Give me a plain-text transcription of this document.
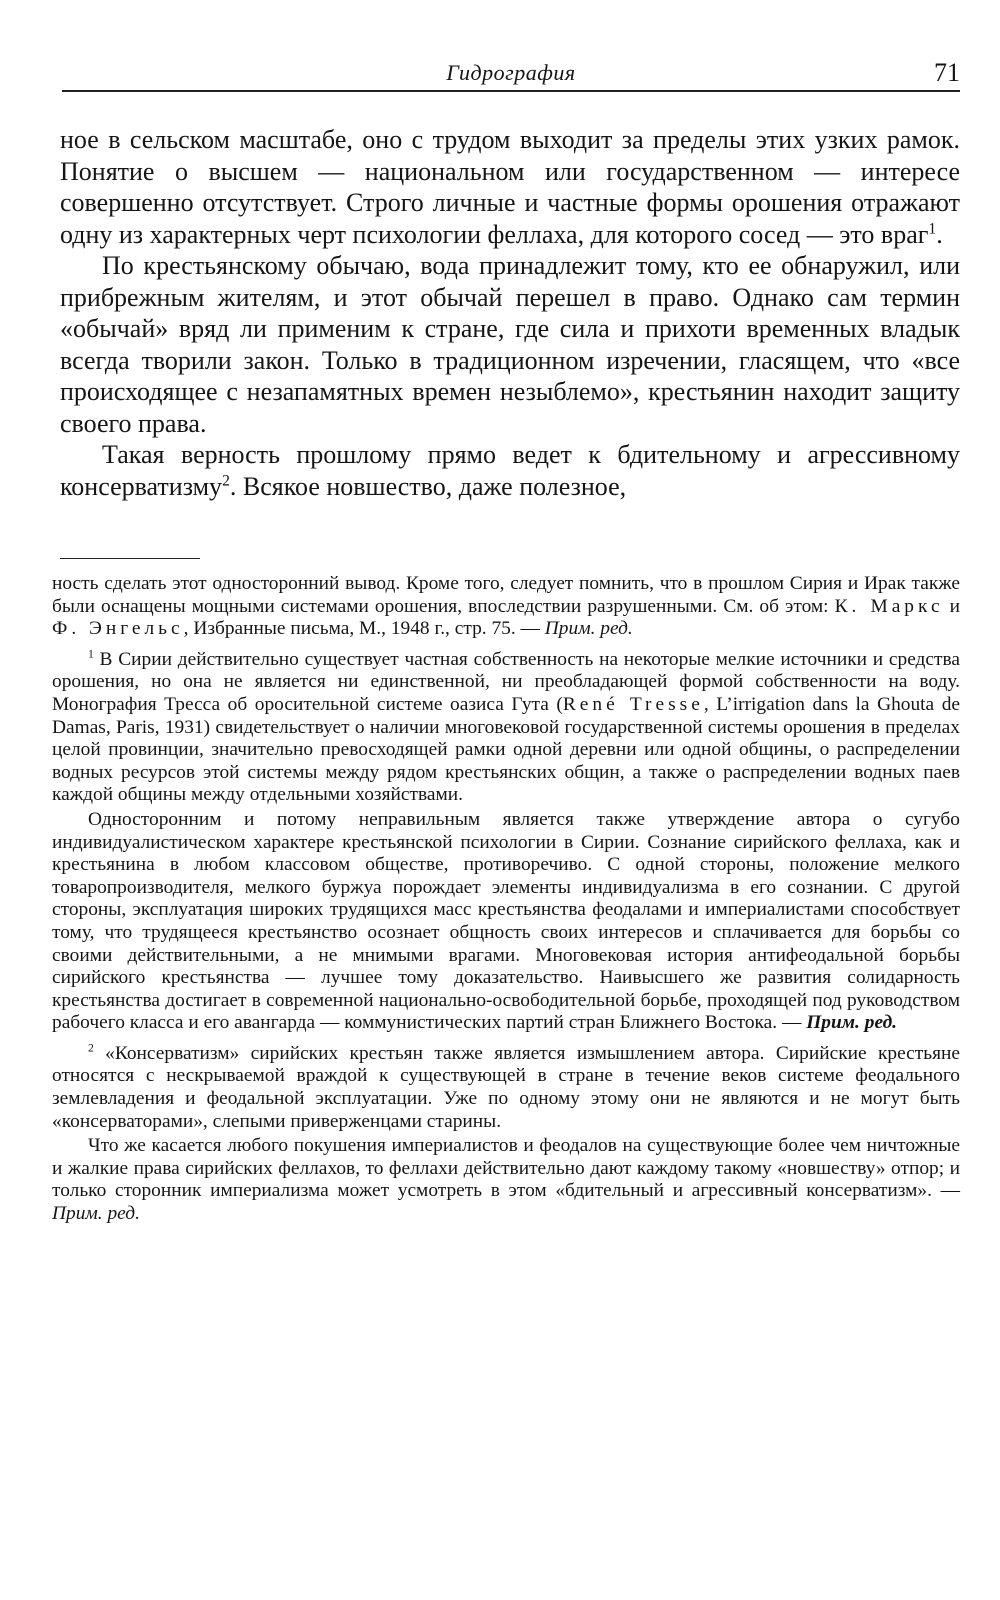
Гидрография	71

ное в сельском масштабе, оно с трудом выходит за пределы этих узких рамок. Понятие о высшем — национальном или государственном — интересе совершенно отсутствует. Строго личные и частные формы орошения отражают одну из характерных черт психологии феллаха, для которого сосед — это враг$^1$.

По крестьянскому обычаю, вода принадлежит тому, кто ее обнаружил, или прибрежным жителям, и этот обычай перешел в право. Однако сам термин «обычай» вряд ли применим к стране, где сила и прихоти временных владык всегда творили закон. Только в традиционном изречении, гласящем, что «все происходящее с незапамятных времен незыблемо», крестьянин находит защиту своего права.

Такая верность прошлому прямо ведет к бдительному и агрессивному консерватизму$^2$. Всякое новшество, даже полезное,

ность сделать этот односторонний вывод. Кроме того, следует помнить, что в прошлом Сирия и Ирак также были оснащены мощными системами орошения, впоследствии разрушенными. См. об этом: К. Маркс и Ф. Энгельс, Избранные письма, М., 1948 г., стр. 75. — Прим. ред.

$^1$ В Сирии действительно существует частная собственность на некоторые мелкие источники и средства орошения, но она не является ни единственной, ни преобладающей формой собственности на воду. Монография Тресса об оросительной системе оазиса Гута (René Tresse, L’irrigation dans la Ghouta de Damas, Paris, 1931) свидетельствует о наличии многовековой государственной системы орошения в пределах целой провинции, значительно превосходящей рамки одной деревни или одной общины, о распределении водных ресурсов этой системы между рядом крестьянских общин, а также о распределении водных паев каждой общины между отдельными хозяйствами.

Односторонним и потому неправильным является также утверждение автора о сугубо индивидуалистическом характере крестьянской психологии в Сирии. Сознание сирийского феллаха, как и крестьянина в любом классовом обществе, противоречиво. С одной стороны, положение мелкого товаропроизводителя, мелкого буржуа порождает элементы индивидуализма в его сознании. С другой стороны, эксплуатация широких трудящихся масс крестьянства феодалами и империалистами способствует тому, что трудящееся крестьянство осознает общность своих интересов и сплачивается для борьбы со своими действительными, а не мнимыми врагами. Многовековая история антифеодальной борьбы сирийского крестьянства — лучшее тому доказательство. Наивысшего же развития солидарность крестьянства достигает в современной национально-освободительной борьбе, проходящей под руководством рабочего класса и его авангарда — коммунистических партий стран Ближнего Востока. — Прим. ред.

$^2$ «Консерватизм» сирийских крестьян также является измышлением автора. Сирийские крестьяне относятся с нескрываемой враждой к существующей в стране в течение веков системе феодального землевладения и феодальной эксплуатации. Уже по одному этому они не являются и не могут быть «консерваторами», слепыми приверженцами старины.

Что же касается любого покушения империалистов и феодалов на существующие более чем ничтожные и жалкие права сирийских феллахов, то феллахи действительно дают каждому такому «новшеству» отпор; и только сторонник империализма может усмотреть в этом «бдительный и агрессивный консерватизм». — Прим. ред.
